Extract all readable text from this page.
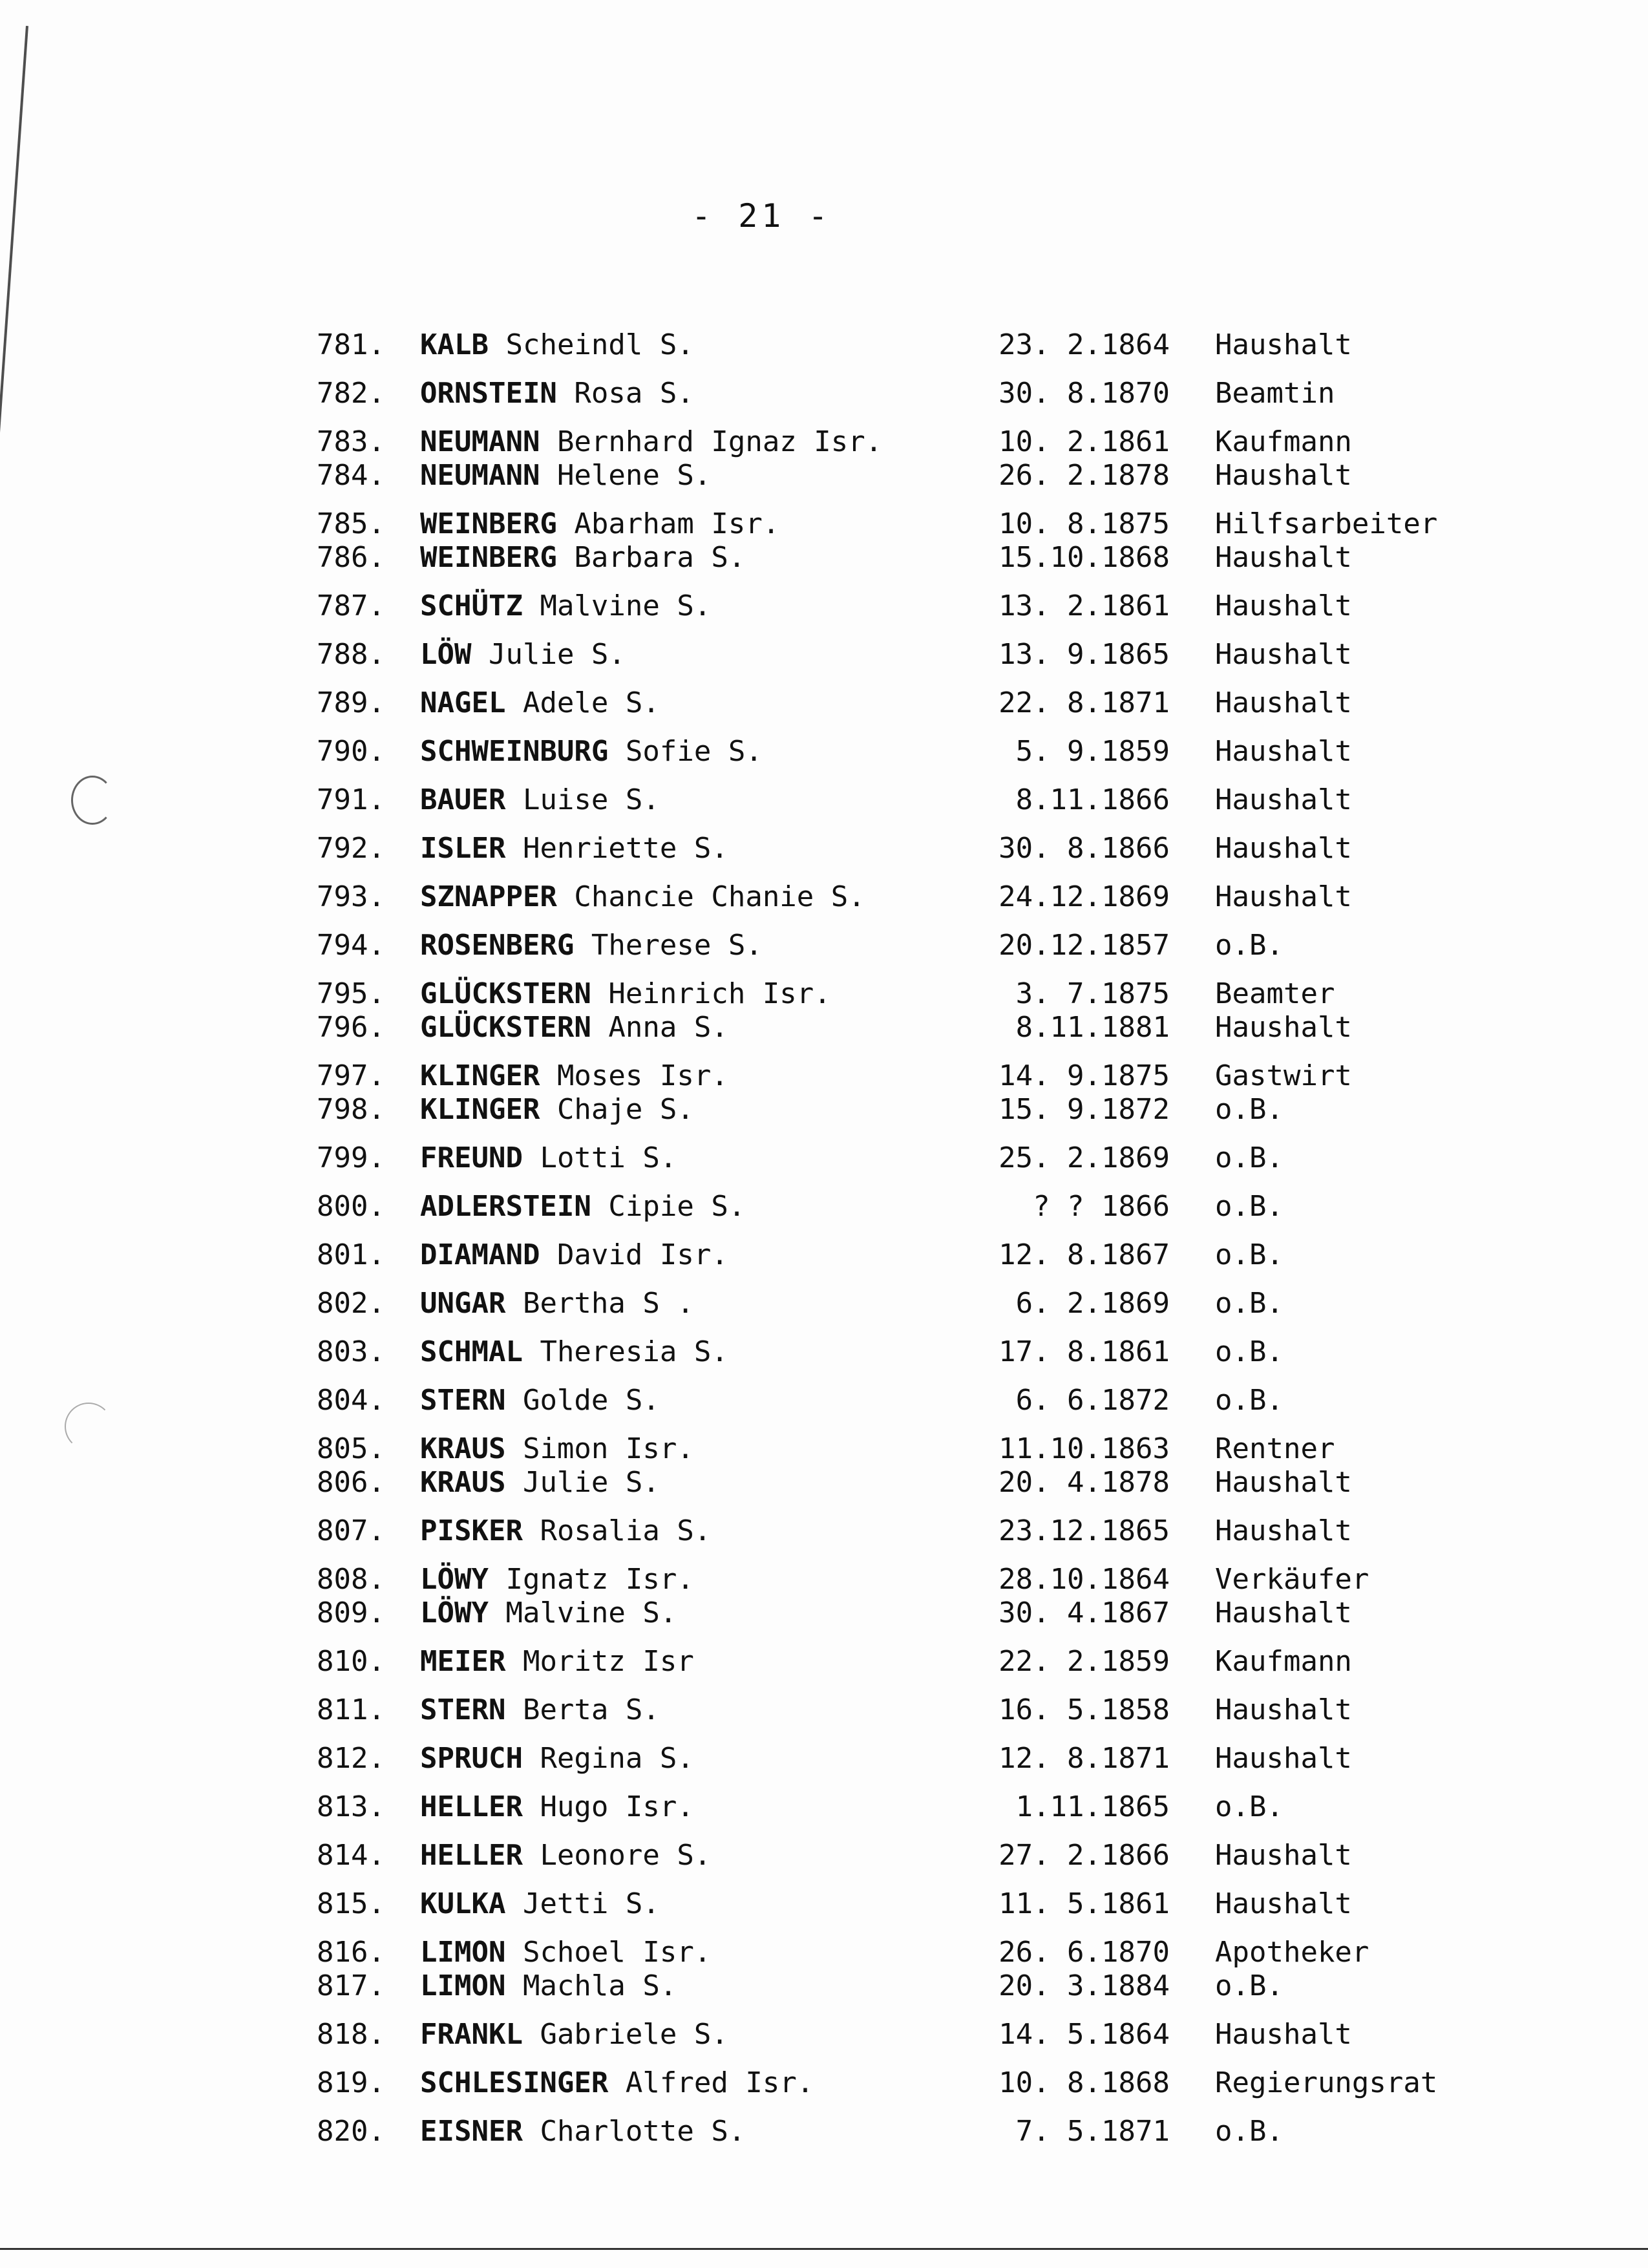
- 21 -
781.	KALB Scheindl S.	23. 2.1864 Haushalt
782.	ORNSTEIN Rosa S.	30. 8.1870 Beamtin
783.	NEUMANN Bernhard Ignaz Isr.	10. 2.1861 Kaufmann
784.	NEUMANN Helene S.	26. 2.1878 Haushalt
785.	WEINBERG Abarham Isr.	10. 8.1875 Hilfsarbeiter
786.	WEINBERG Barbara S.	15.10.1868 Haushalt
787.	SCHÜTZ Malvine S.	13. 2.1861 Haushalt
788.	LÖW Julie S.	13. 9.1865 Haushalt
789.	NAGEL Adele S.	22. 8.1871 Haushalt
790.	SCHWEINBURG Sofie S.	5. 9.1859 Haushalt
791.	BAUER Luise S.	8.11.1866 Haushalt
792.	ISLER Henriette S.	30. 8.1866 Haushalt
793.	SZNAPPER Chancie Chanie S.	24.12.1869 Haushalt
794.	ROSENBERG Therese S.	20.12.1857 o.B.
795.	GLÜCKSTERN Heinrich Isr.	3. 7.1875 Beamter
796.	GLÜCKSTERN Anna S.	8.11.1881 Haushalt
797.	KLINGER Moses Isr.	14. 9.1875 Gastwirt
798.	KLINGER Chaje S.	15. 9.1872 o.B.
799.	FREUND Lotti S.	25. 2.1869 o.B.
800.	ADLERSTEIN Cipie S.	? ? 1866 o.B.
801.	DIAMAND David Isr.	12. 8.1867 o.B.
802.	UNGAR Bertha S .	6. 2.1869 o.B.
803.	SCHMAL Theresia S.	17. 8.1861 o.B.
804.	STERN Golde S.	6. 6.1872 o.B.
805.	KRAUS Simon Isr.	11.10.1863 Rentner
806.	KRAUS Julie S.	20. 4.1878 Haushalt
807.	PISKER Rosalia S.	23.12.1865 Haushalt
808.	LÖWY Ignatz Isr.	28.10.1864 Verkäufer
809.	LÖWY Malvine S.	30. 4.1867 Haushalt
810.	MEIER Moritz Isr	22. 2.1859 Kaufmann
811.	STERN Berta S.	16. 5.1858 Haushalt
812.	SPRUCH Regina S.	12. 8.1871 Haushalt
813.	HELLER Hugo Isr.	1.11.1865 o.B.
814.	HELLER Leonore S.	27. 2.1866 Haushalt
815.	KULKA Jetti S.	11. 5.1861 Haushalt
816.	LIMON Schoel Isr.	26. 6.1870 Apotheker
817.	LIMON Machla S.	20. 3.1884 o.B.
818.	FRANKL Gabriele S.	14. 5.1864 Haushalt
819.	SCHLESINGER Alfred Isr.	10. 8.1868 Regierungsrat
820.	EISNER Charlotte S.	7. 5.1871 o.B.
